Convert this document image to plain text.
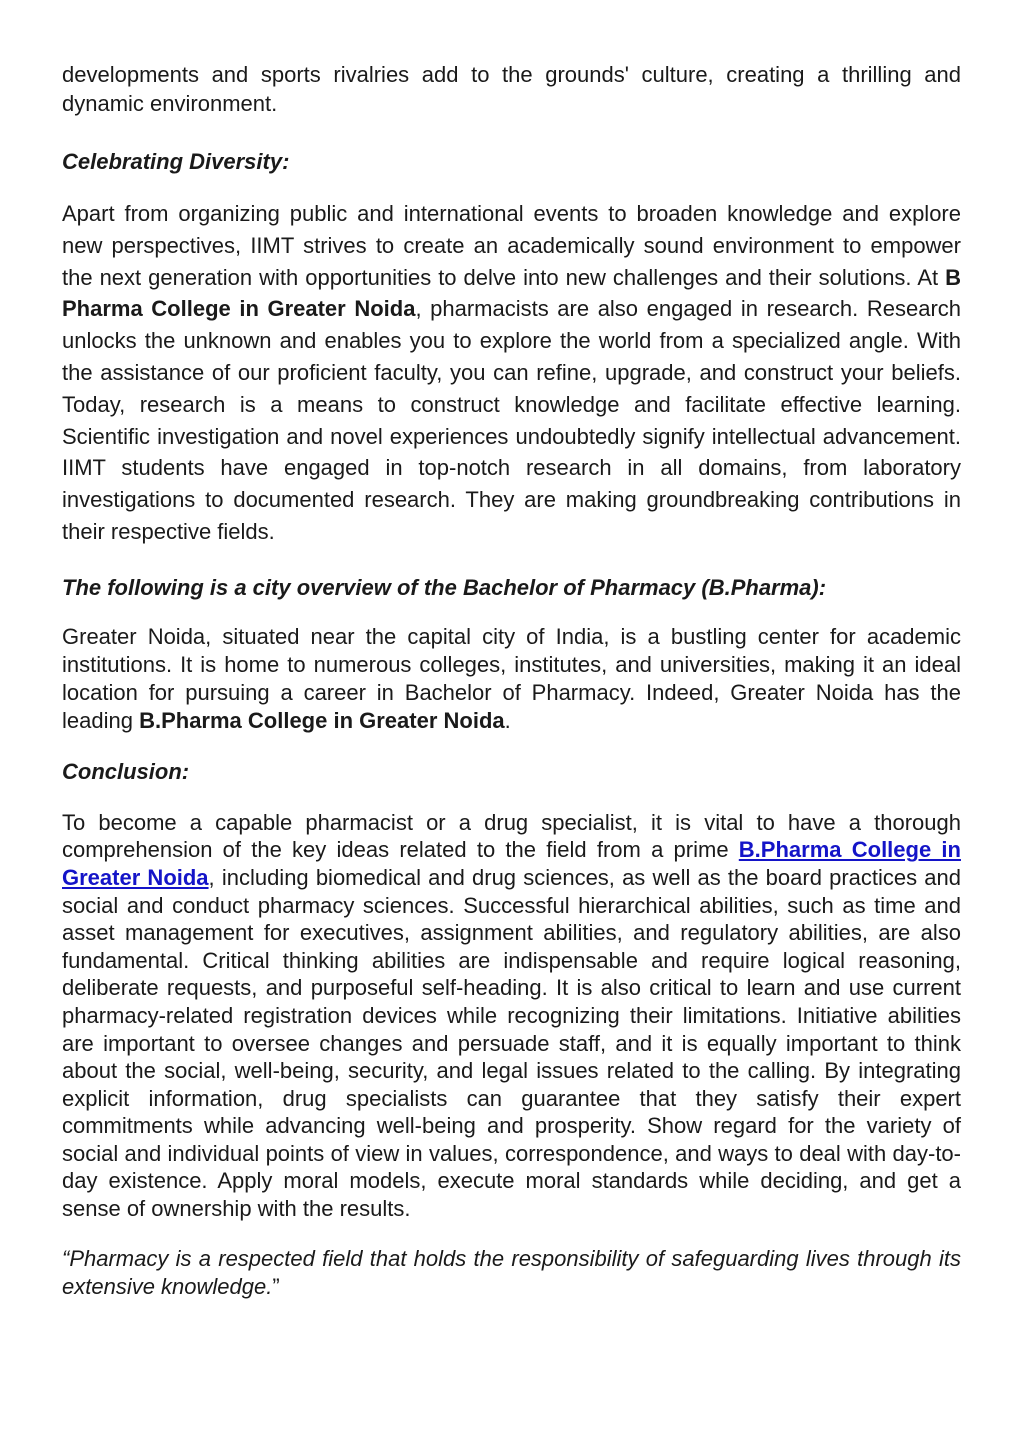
developments and sports rivalries add to the grounds' culture, creating a thrilling and dynamic environment.

Celebrating Diversity:

Apart from organizing public and international events to broaden knowledge and explore new perspectives, IIMT strives to create an academically sound environment to empower the next generation with opportunities to delve into new challenges and their solutions. At B Pharma College in Greater Noida, pharmacists are also engaged in research. Research unlocks the unknown and enables you to explore the world from a specialized angle. With the assistance of our proficient faculty, you can refine, upgrade, and construct your beliefs. Today, research is a means to construct knowledge and facilitate effective learning. Scientific investigation and novel experiences undoubtedly signify intellectual advancement. IIMT students have engaged in top-notch research in all domains, from laboratory investigations to documented research. They are making groundbreaking contributions in their respective fields.

The following is a city overview of the Bachelor of Pharmacy (B.Pharma):

Greater Noida, situated near the capital city of India, is a bustling center for academic institutions. It is home to numerous colleges, institutes, and universities, making it an ideal location for pursuing a career in Bachelor of Pharmacy. Indeed, Greater Noida has the leading B.Pharma College in Greater Noida.

Conclusion:

To become a capable pharmacist or a drug specialist, it is vital to have a thorough comprehension of the key ideas related to the field from a prime B.Pharma College in Greater Noida, including biomedical and drug sciences, as well as the board practices and social and conduct pharmacy sciences. Successful hierarchical abilities, such as time and asset management for executives, assignment abilities, and regulatory abilities, are also fundamental. Critical thinking abilities are indispensable and require logical reasoning, deliberate requests, and purposeful self-heading. It is also critical to learn and use current pharmacy-related registration devices while recognizing their limitations. Initiative abilities are important to oversee changes and persuade staff, and it is equally important to think about the social, well-being, security, and legal issues related to the calling. By integrating explicit information, drug specialists can guarantee that they satisfy their expert commitments while advancing well-being and prosperity. Show regard for the variety of social and individual points of view in values, correspondence, and ways to deal with day-to-day existence. Apply moral models, execute moral standards while deciding, and get a sense of ownership with the results.

“Pharmacy is a respected field that holds the responsibility of safeguarding lives through its extensive knowledge.”
